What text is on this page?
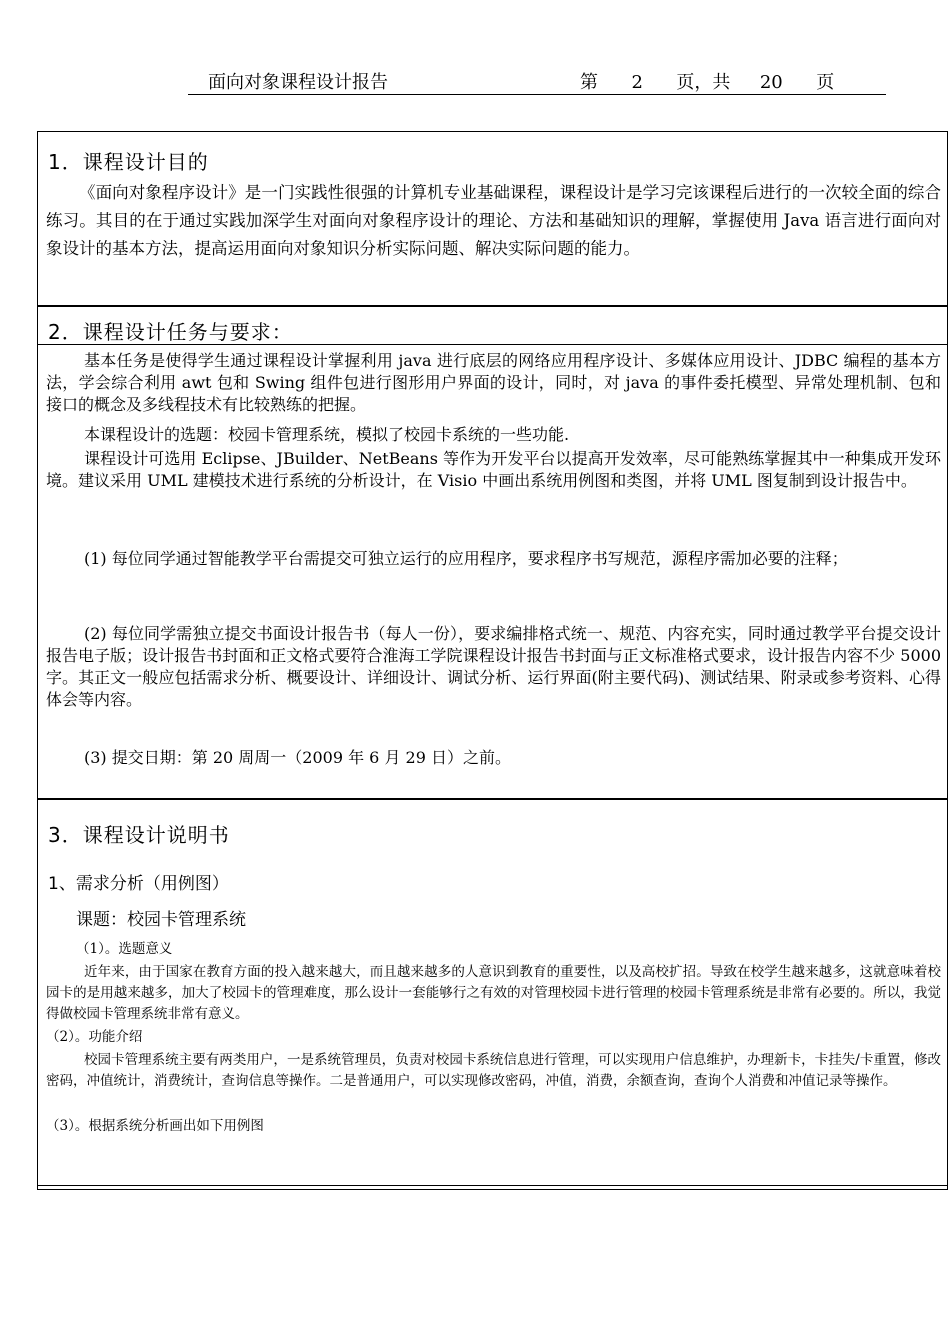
面向对象课程设计报告	第 2 页，共 20 页
1．课程设计目的
《面向对象程序设计》是一门实践性很强的计算机专业基础课程，课程设计是学习完该课程后进行的一次较全面的综合练习。其目的在于通过实践加深学生对面向对象程序设计的理论、方法和基础知识的理解，掌握使用 Java 语言进行面向对象设计的基本方法，提高运用面向对象知识分析实际问题、解决实际问题的能力。
2．课程设计任务与要求：
基本任务是使得学生通过课程设计掌握利用 java 进行底层的网络应用程序设计、多媒体应用设计、JDBC 编程的基本方法，学会综合利用 awt 包和 Swing 组件包进行图形用户界面的设计，同时，对 java 的事件委托模型、异常处理机制、包和接口的概念及多线程技术有比较熟练的把握。
本课程设计的选题：校园卡管理系统，模拟了校园卡系统的一些功能.
课程设计可选用 Eclipse、JBuilder、NetBeans 等作为开发平台以提高开发效率，尽可能熟练掌握其中一种集成开发环境。建议采用 UML 建模技术进行系统的分析设计，在 Visio 中画出系统用例图和类图，并将 UML 图复制到设计报告中。
(1) 每位同学通过智能教学平台需提交可独立运行的应用程序，要求程序书写规范，源程序需加必要的注释；
(2) 每位同学需独立提交书面设计报告书（每人一份），要求编排格式统一、规范、内容充实，同时通过教学平台提交设计报告电子版；设计报告书封面和正文格式要符合淮海工学院课程设计报告书封面与正文标准格式要求，设计报告内容不少 5000 字。其正文一般应包括需求分析、概要设计、详细设计、调试分析、运行界面(附主要代码)、测试结果、附录或参考资料、心得体会等内容。
(3) 提交日期：第 20 周周一（2009 年 6 月 29 日）之前。
3．课程设计说明书
1、需求分析（用例图）
课题：校园卡管理系统
（1）。选题意义
近年来，由于国家在教育方面的投入越来越大，而且越来越多的人意识到教育的重要性，以及高校扩招。导致在校学生越来越多，这就意味着校园卡的是用越来越多，加大了校园卡的管理难度，那么设计一套能够行之有效的对管理校园卡进行管理的校园卡管理系统是非常有必要的。所以，我觉得做校园卡管理系统非常有意义。
（2）。功能介绍
校园卡管理系统主要有两类用户，一是系统管理员，负责对校园卡系统信息进行管理，可以实现用户信息维护，办理新卡，卡挂失/卡重置，修改密码，冲值统计，消费统计，查询信息等操作。二是普通用户，可以实现修改密码，冲值，消费，余额查询，查询个人消费和冲值记录等操作。
（3）。根据系统分析画出如下用例图
